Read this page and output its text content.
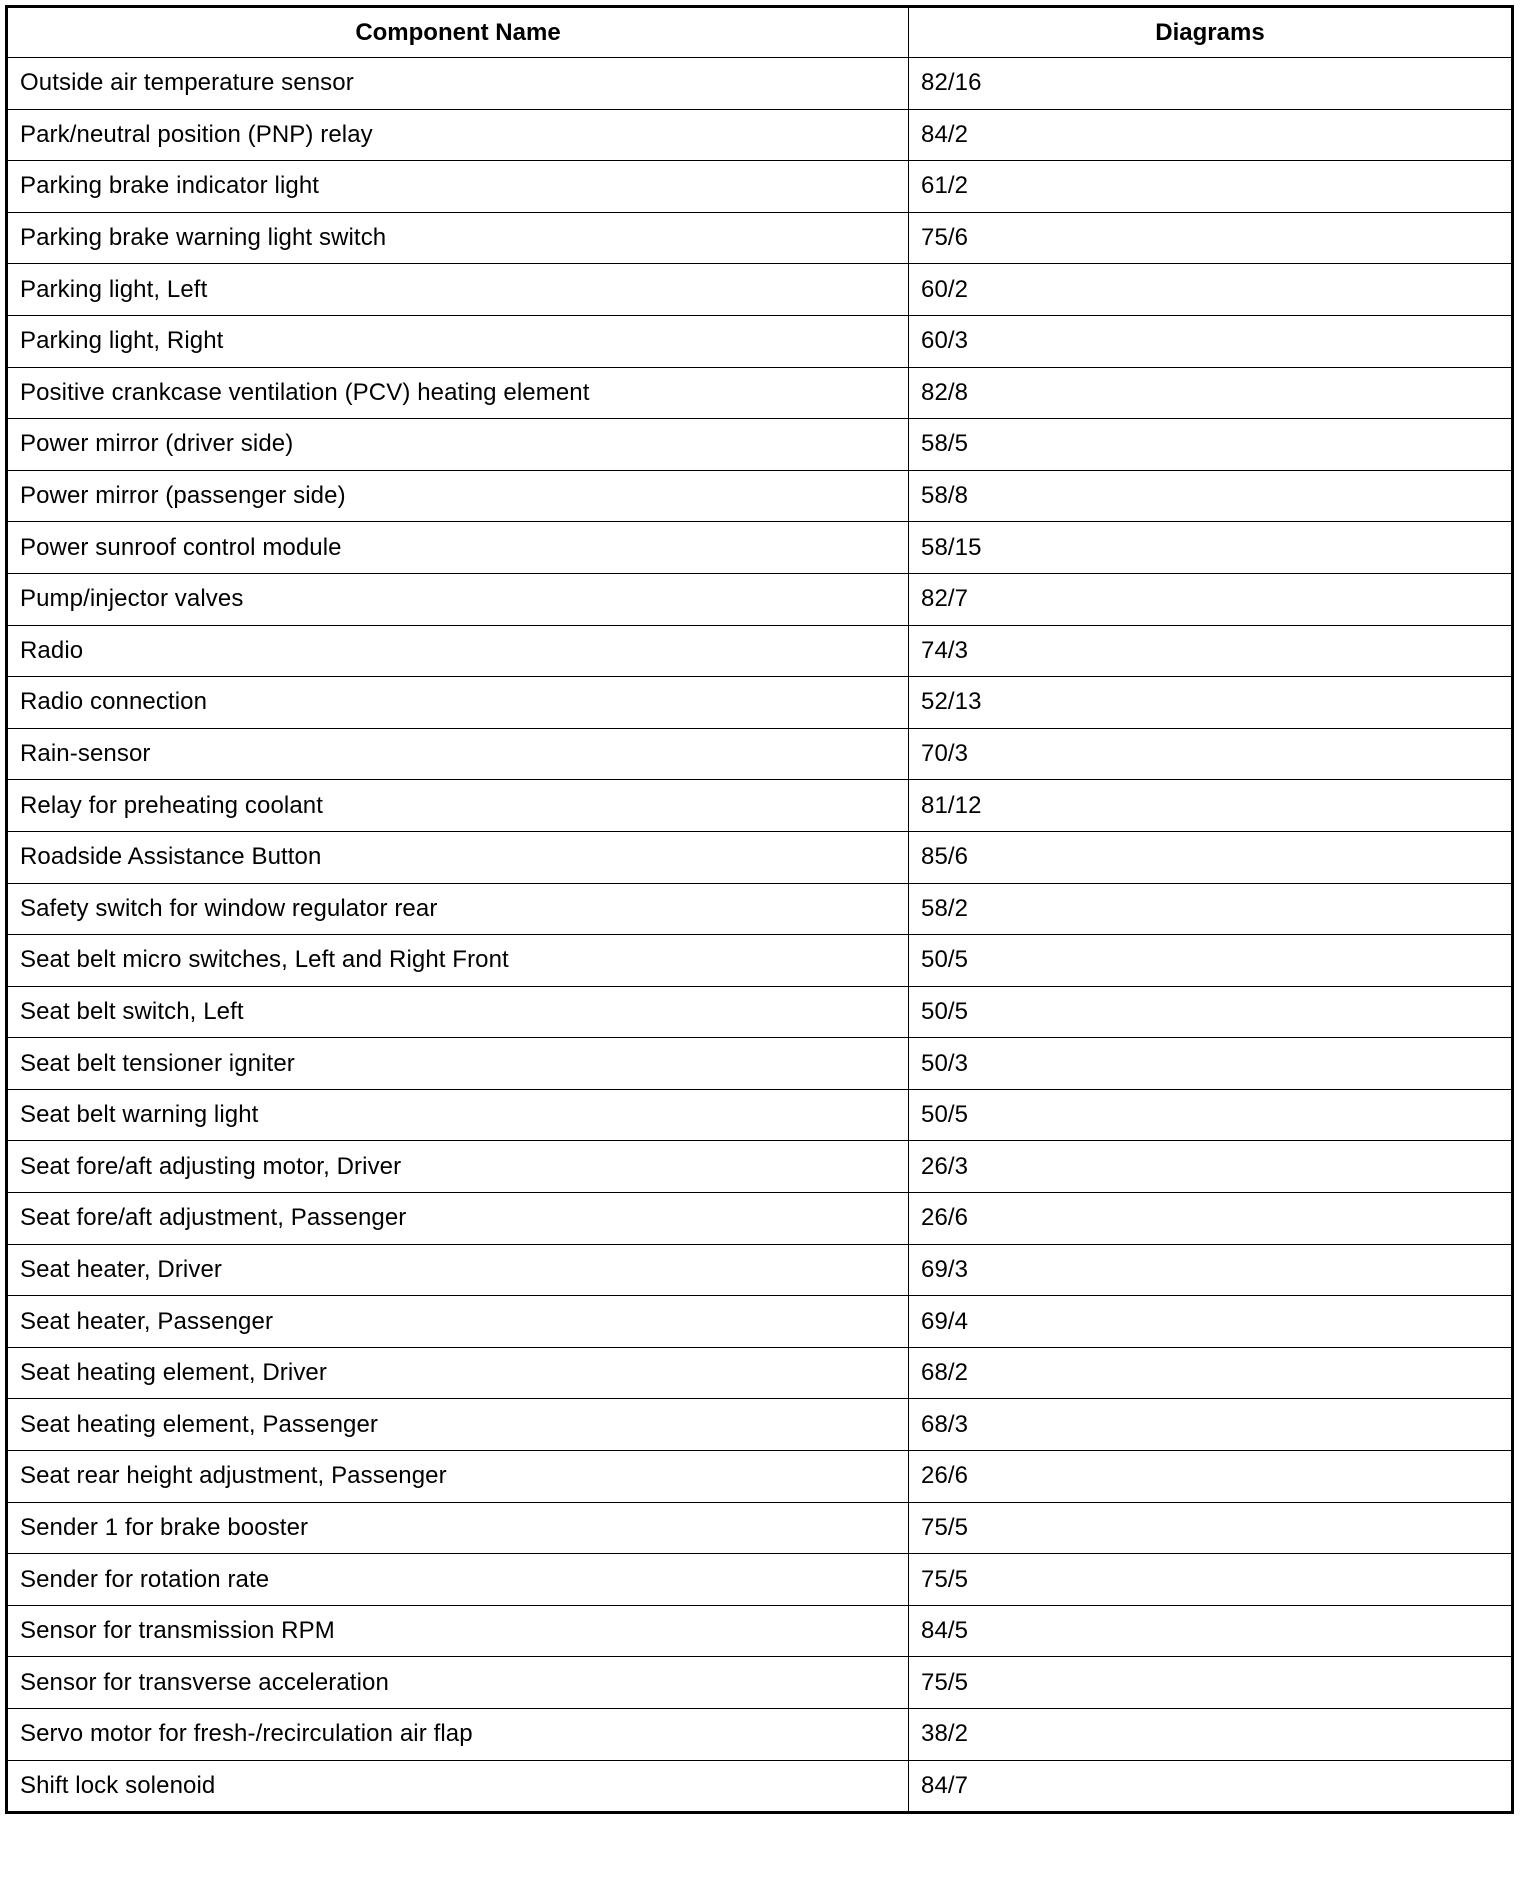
Component Name	Diagrams
Outside air temperature sensor	82/16
Park/neutral position (PNP) relay	84/2
Parking brake indicator light	61/2
Parking brake warning light switch	75/6
Parking light, Left	60/2
Parking light, Right	60/3
Positive crankcase ventilation (PCV) heating element	82/8
Power mirror (driver side)	58/5
Power mirror (passenger side)	58/8
Power sunroof control module	58/15
Pump/injector valves	82/7
Radio	74/3
Radio connection	52/13
Rain-sensor	70/3
Relay for preheating coolant	81/12
Roadside Assistance Button	85/6
Safety switch for window regulator rear	58/2
Seat belt micro switches, Left and Right Front	50/5
Seat belt switch, Left	50/5
Seat belt tensioner igniter	50/3
Seat belt warning light	50/5
Seat fore/aft adjusting motor, Driver	26/3
Seat fore/aft adjustment, Passenger	26/6
Seat heater, Driver	69/3
Seat heater, Passenger	69/4
Seat heating element, Driver	68/2
Seat heating element, Passenger	68/3
Seat rear height adjustment, Passenger	26/6
Sender 1 for brake booster	75/5
Sender for rotation rate	75/5
Sensor for transmission RPM	84/5
Sensor for transverse acceleration	75/5
Servo motor for fresh-/recirculation air flap	38/2
Shift lock solenoid	84/7
